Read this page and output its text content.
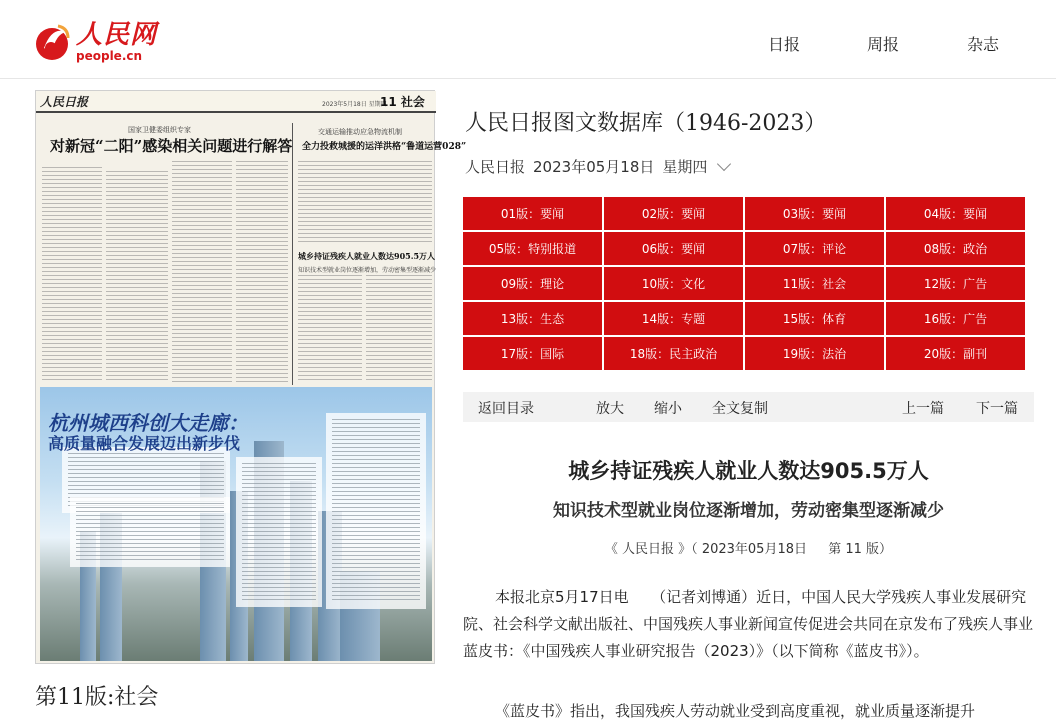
人民网
people.cn
日报	周报	杂志
人民日报	2023年5月18日 星期四
11 社会
国家卫健委组织专家
对新冠“二阳”感染相关问题进行解答
交通运输推动应急物流机制
全力投救城援的运洋洪格“鲁道运营028”
城乡持证残疾人就业人数达905.5万人
知识技术型就业岗位逐渐增加，劳动密集型逐渐减少
杭州城西科创大走廊：
高质量融合发展迈出新步伐
第11版:社会
人民日报图文数据库（1946-2023）
人民日报 2023年05月18日 星期四
01版：要闻	02版：要闻	03版：要闻	04版：要闻
05版：特别报道	06版：要闻	07版：评论	08版：政治
09版：理论	10版：文化	11版：社会	12版：广告
13版：生态	14版：专题	15版：体育	16版：广告
17版：国际	18版：民主政治	19版：法治	20版：副刊
返回目录	放大 缩小 全文复制	上一篇 下一篇
城乡持证残疾人就业人数达905.5万人
知识技术型就业岗位逐渐增加，劳动密集型逐渐减少
《 人民日报 》（ 2023年05月18日 　 第 11 版）
本报北京5月17日电　　（记者刘博通）近日，中国人民大学残疾人事业发展研究院、社会科学文献出版社、中国残疾人事业新闻宣传促进会共同在京发布了残疾人事业蓝皮书：《中国残疾人事业研究报告（2023）》（以下简称《蓝皮书》）。
《蓝皮书》指出，我国残疾人劳动就业受到高度重视，就业质量逐渐提升
